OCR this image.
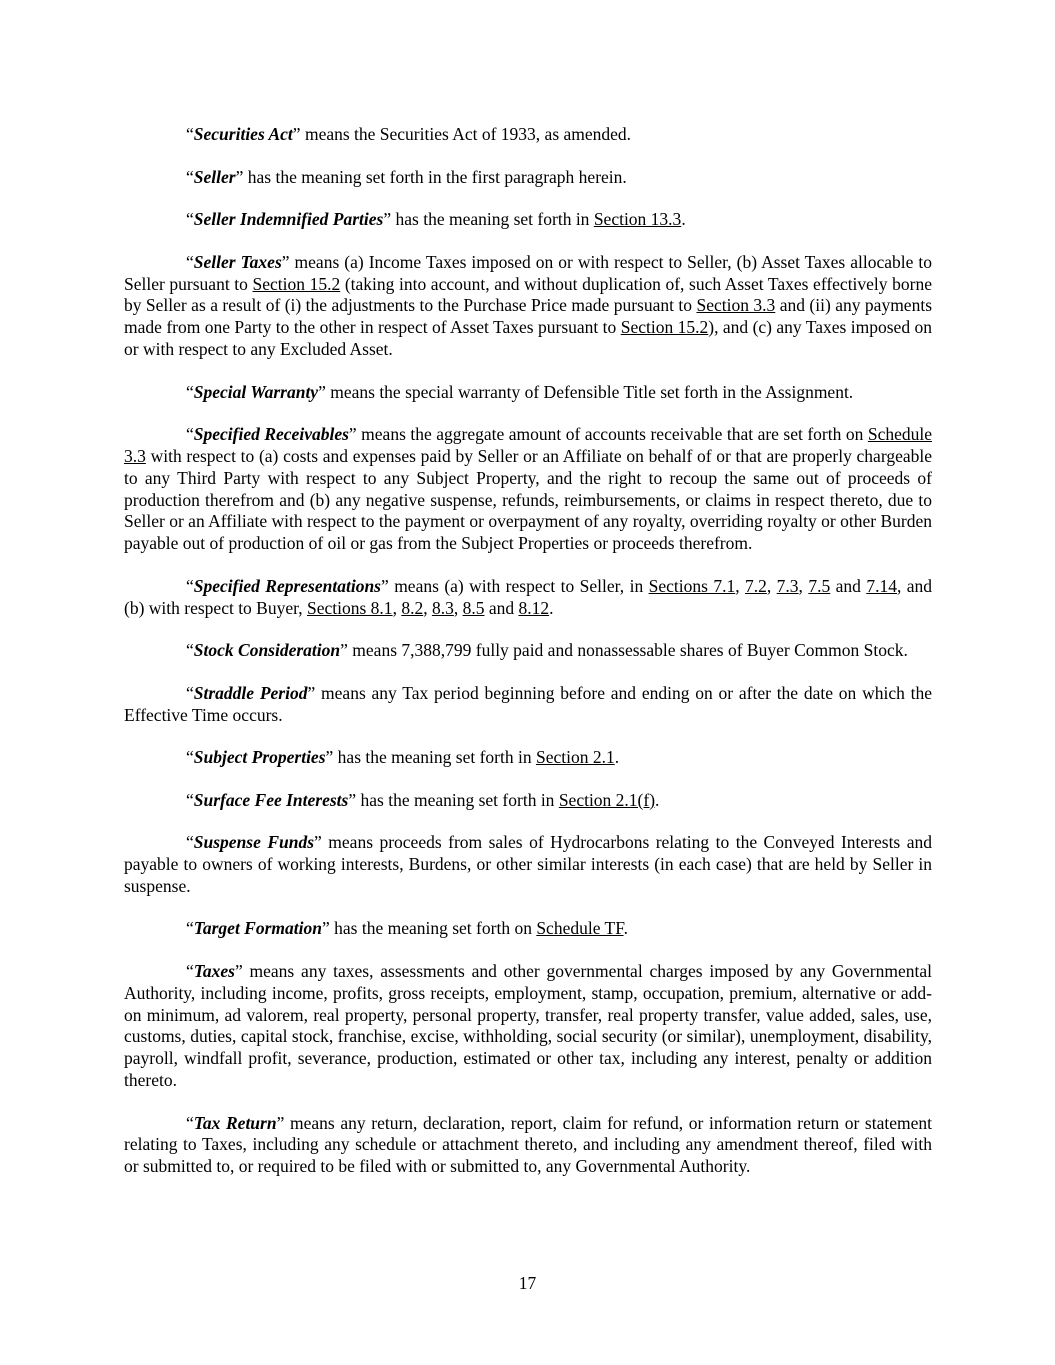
“Securities Act” means the Securities Act of 1933, as amended.

“Seller” has the meaning set forth in the first paragraph herein.

“Seller Indemnified Parties” has the meaning set forth in Section 13.3.

“Seller Taxes” means (a) Income Taxes imposed on or with respect to Seller, (b) Asset Taxes allocable to Seller pursuant to Section 15.2 (taking into account, and without duplication of, such Asset Taxes effectively borne by Seller as a result of (i) the adjustments to the Purchase Price made pursuant to Section 3.3 and (ii) any payments made from one Party to the other in respect of Asset Taxes pursuant to Section 15.2), and (c) any Taxes imposed on or with respect to any Excluded Asset.

“Special Warranty” means the special warranty of Defensible Title set forth in the Assignment.

“Specified Receivables” means the aggregate amount of accounts receivable that are set forth on Schedule 3.3 with respect to (a) costs and expenses paid by Seller or an Affiliate on behalf of or that are properly chargeable to any Third Party with respect to any Subject Property, and the right to recoup the same out of proceeds of production therefrom and (b) any negative suspense, refunds, reimbursements, or claims in respect thereto, due to Seller or an Affiliate with respect to the payment or overpayment of any royalty, overriding royalty or other Burden payable out of production of oil or gas from the Subject Properties or proceeds therefrom.

“Specified Representations” means (a) with respect to Seller, in Sections 7.1, 7.2, 7.3, 7.5 and 7.14, and (b) with respect to Buyer, Sections 8.1, 8.2, 8.3, 8.5 and 8.12.

“Stock Consideration” means 7,388,799 fully paid and nonassessable shares of Buyer Common Stock.

“Straddle Period” means any Tax period beginning before and ending on or after the date on which the Effective Time occurs.

“Subject Properties” has the meaning set forth in Section 2.1.

“Surface Fee Interests” has the meaning set forth in Section 2.1(f).

“Suspense Funds” means proceeds from sales of Hydrocarbons relating to the Conveyed Interests and payable to owners of working interests, Burdens, or other similar interests (in each case) that are held by Seller in suspense.

“Target Formation” has the meaning set forth on Schedule TF.

“Taxes” means any taxes, assessments and other governmental charges imposed by any Governmental Authority, including income, profits, gross receipts, employment, stamp, occupation, premium, alternative or add-on minimum, ad valorem, real property, personal property, transfer, real property transfer, value added, sales, use, customs, duties, capital stock, franchise, excise, withholding, social security (or similar), unemployment, disability, payroll, windfall profit, severance, production, estimated or other tax, including any interest, penalty or addition thereto.

“Tax Return” means any return, declaration, report, claim for refund, or information return or statement relating to Taxes, including any schedule or attachment thereto, and including any amendment thereof, filed with or submitted to, or required to be filed with or submitted to, any Governmental Authority.

17
